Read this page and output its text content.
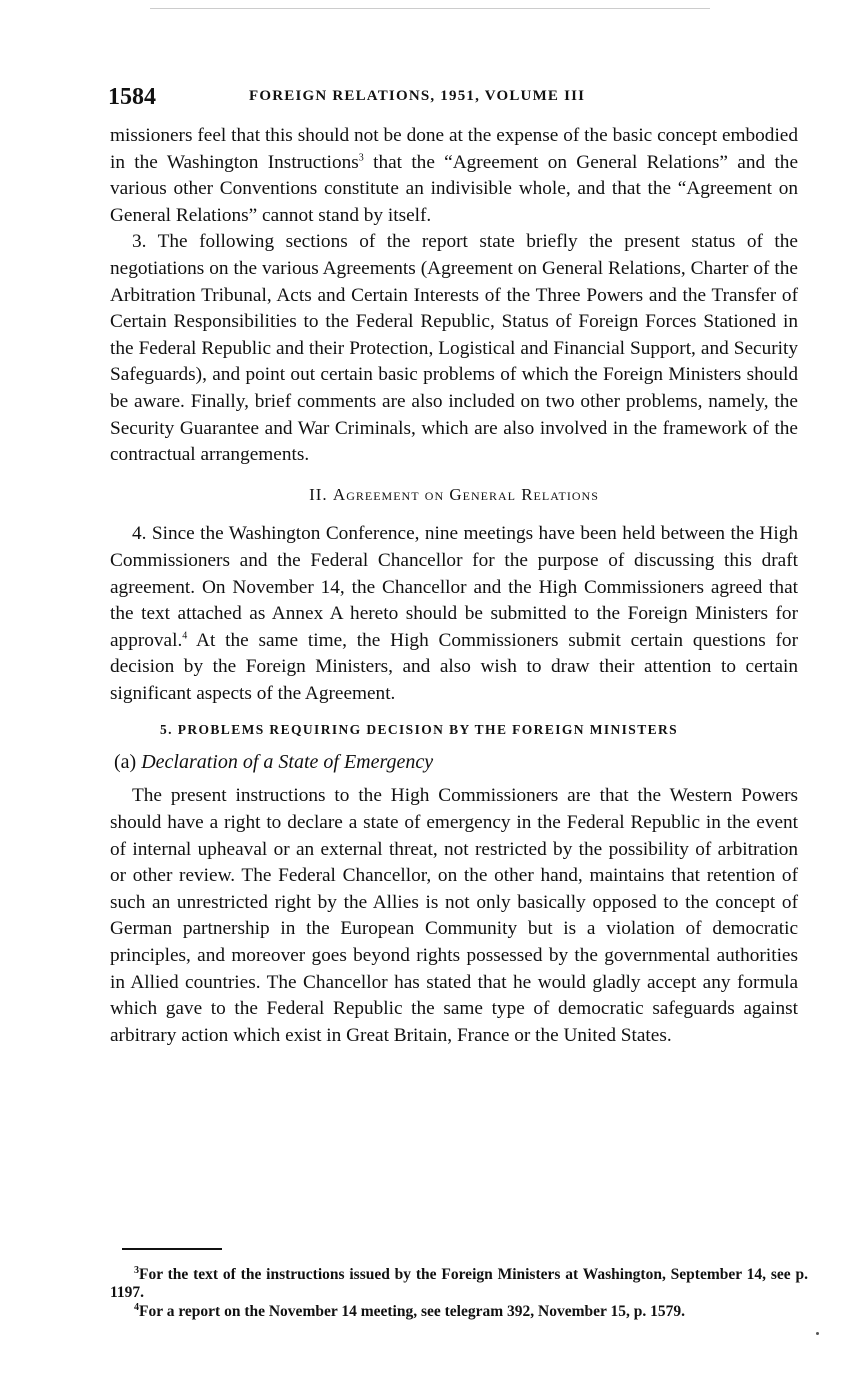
1584	FOREIGN RELATIONS, 1951, VOLUME III

missioners feel that this should not be done at the expense of the basic concept embodied in the Washington Instructions$^3$ that the “Agreement on General Relations” and the various other Conventions constitute an indivisible whole, and that the “Agreement on General Relations” cannot stand by itself.

3. The following sections of the report state briefly the present status of the negotiations on the various Agreements (Agreement on General Relations, Charter of the Arbitration Tribunal, Acts and Certain Interests of the Three Powers and the Transfer of Certain Responsibilities to the Federal Republic, Status of Foreign Forces Stationed in the Federal Republic and their Protection, Logistical and Financial Support, and Security Safeguards), and point out certain basic problems of which the Foreign Ministers should be aware. Finally, brief comments are also included on two other problems, namely, the Security Guarantee and War Criminals, which are also involved in the framework of the contractual arrangements.

II. Agreement on General Relations

4. Since the Washington Conference, nine meetings have been held between the High Commissioners and the Federal Chancellor for the purpose of discussing this draft agreement. On November 14, the Chancellor and the High Commissioners agreed that the text attached as Annex A hereto should be submitted to the Foreign Ministers for approval.$^4$ At the same time, the High Commissioners submit certain questions for decision by the Foreign Ministers, and also wish to draw their attention to certain significant aspects of the Agreement.

5. PROBLEMS REQUIRING DECISION BY THE FOREIGN MINISTERS
(a) Declaration of a State of Emergency

The present instructions to the High Commissioners are that the Western Powers should have a right to declare a state of emergency in the Federal Republic in the event of internal upheaval or an external threat, not restricted by the possibility of arbitration or other review. The Federal Chancellor, on the other hand, maintains that retention of such an unrestricted right by the Allies is not only basically opposed to the concept of German partnership in the European Community but is a violation of democratic principles, and moreover goes beyond rights possessed by the governmental authorities in Allied countries. The Chancellor has stated that he would gladly accept any formula which gave to the Federal Republic the same type of democratic safeguards against arbitrary action which exist in Great Britain, France or the United States.

$^3$For the text of the instructions issued by the Foreign Ministers at Washington, September 14, see p. 1197.

$^4$For a report on the November 14 meeting, see telegram 392, November 15, p. 1579.
